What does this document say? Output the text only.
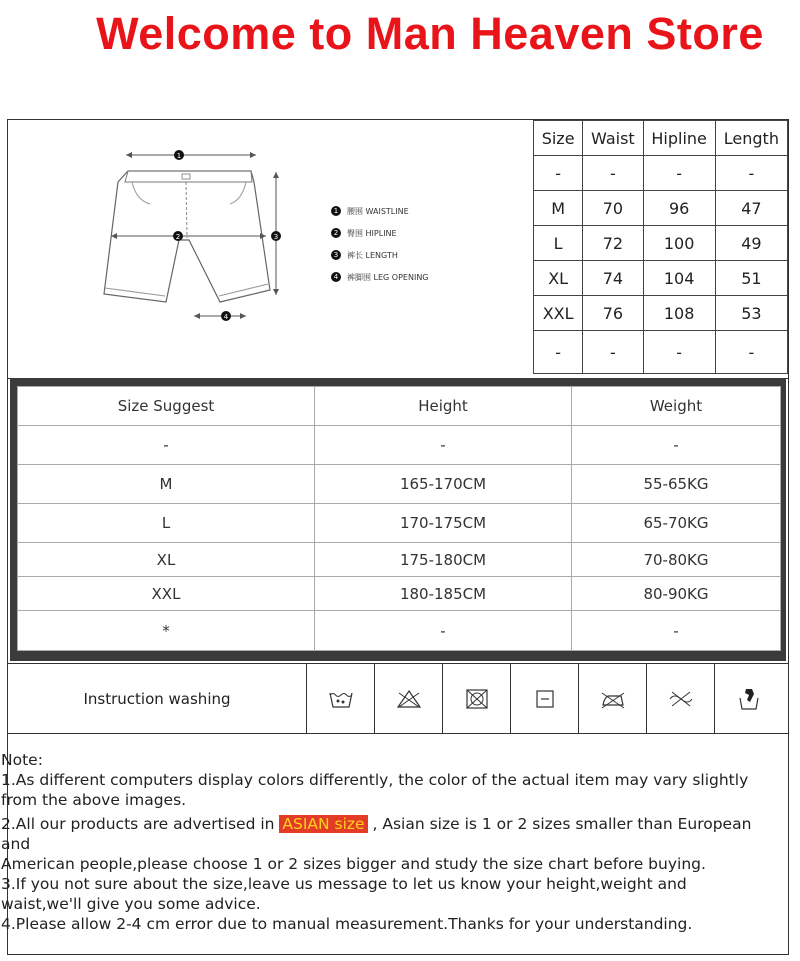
Welcome to Man Heaven Store
1
2	3
4
1	腰围 WAISTLINE
2	臀围 HIPLINE
3	裤长 LENGTH
4	裤脚围 LEG OPENING
Size	Waist	Hipline	Length
-	-	-	-
M	70	96	47
L	72	100	49
XL	74	104	51
XXL	76	108	53
-	-	-	-
Size Suggest	Height	Weight
-	-	-
M	165-170CM	55-65KG
L	170-175CM	65-70KG
XL	175-180CM	70-80KG
XXL	180-185CM	80-90KG
*	-	-
Instruction washing

Note:

1.As different computers display colors differently, the color of the actual item may vary slightly from the above images.

2.All our products are advertised in ASIAN size , Asian size is 1 or 2 sizes smaller than European and

American people,please choose 1 or 2 sizes bigger and study the size chart before buying.

3.If you not sure about the size,leave us message to let us know your height,weight and waist,we'll give you some advice.

4.Please allow 2-4 cm error due to manual measurement.Thanks for your understanding.
